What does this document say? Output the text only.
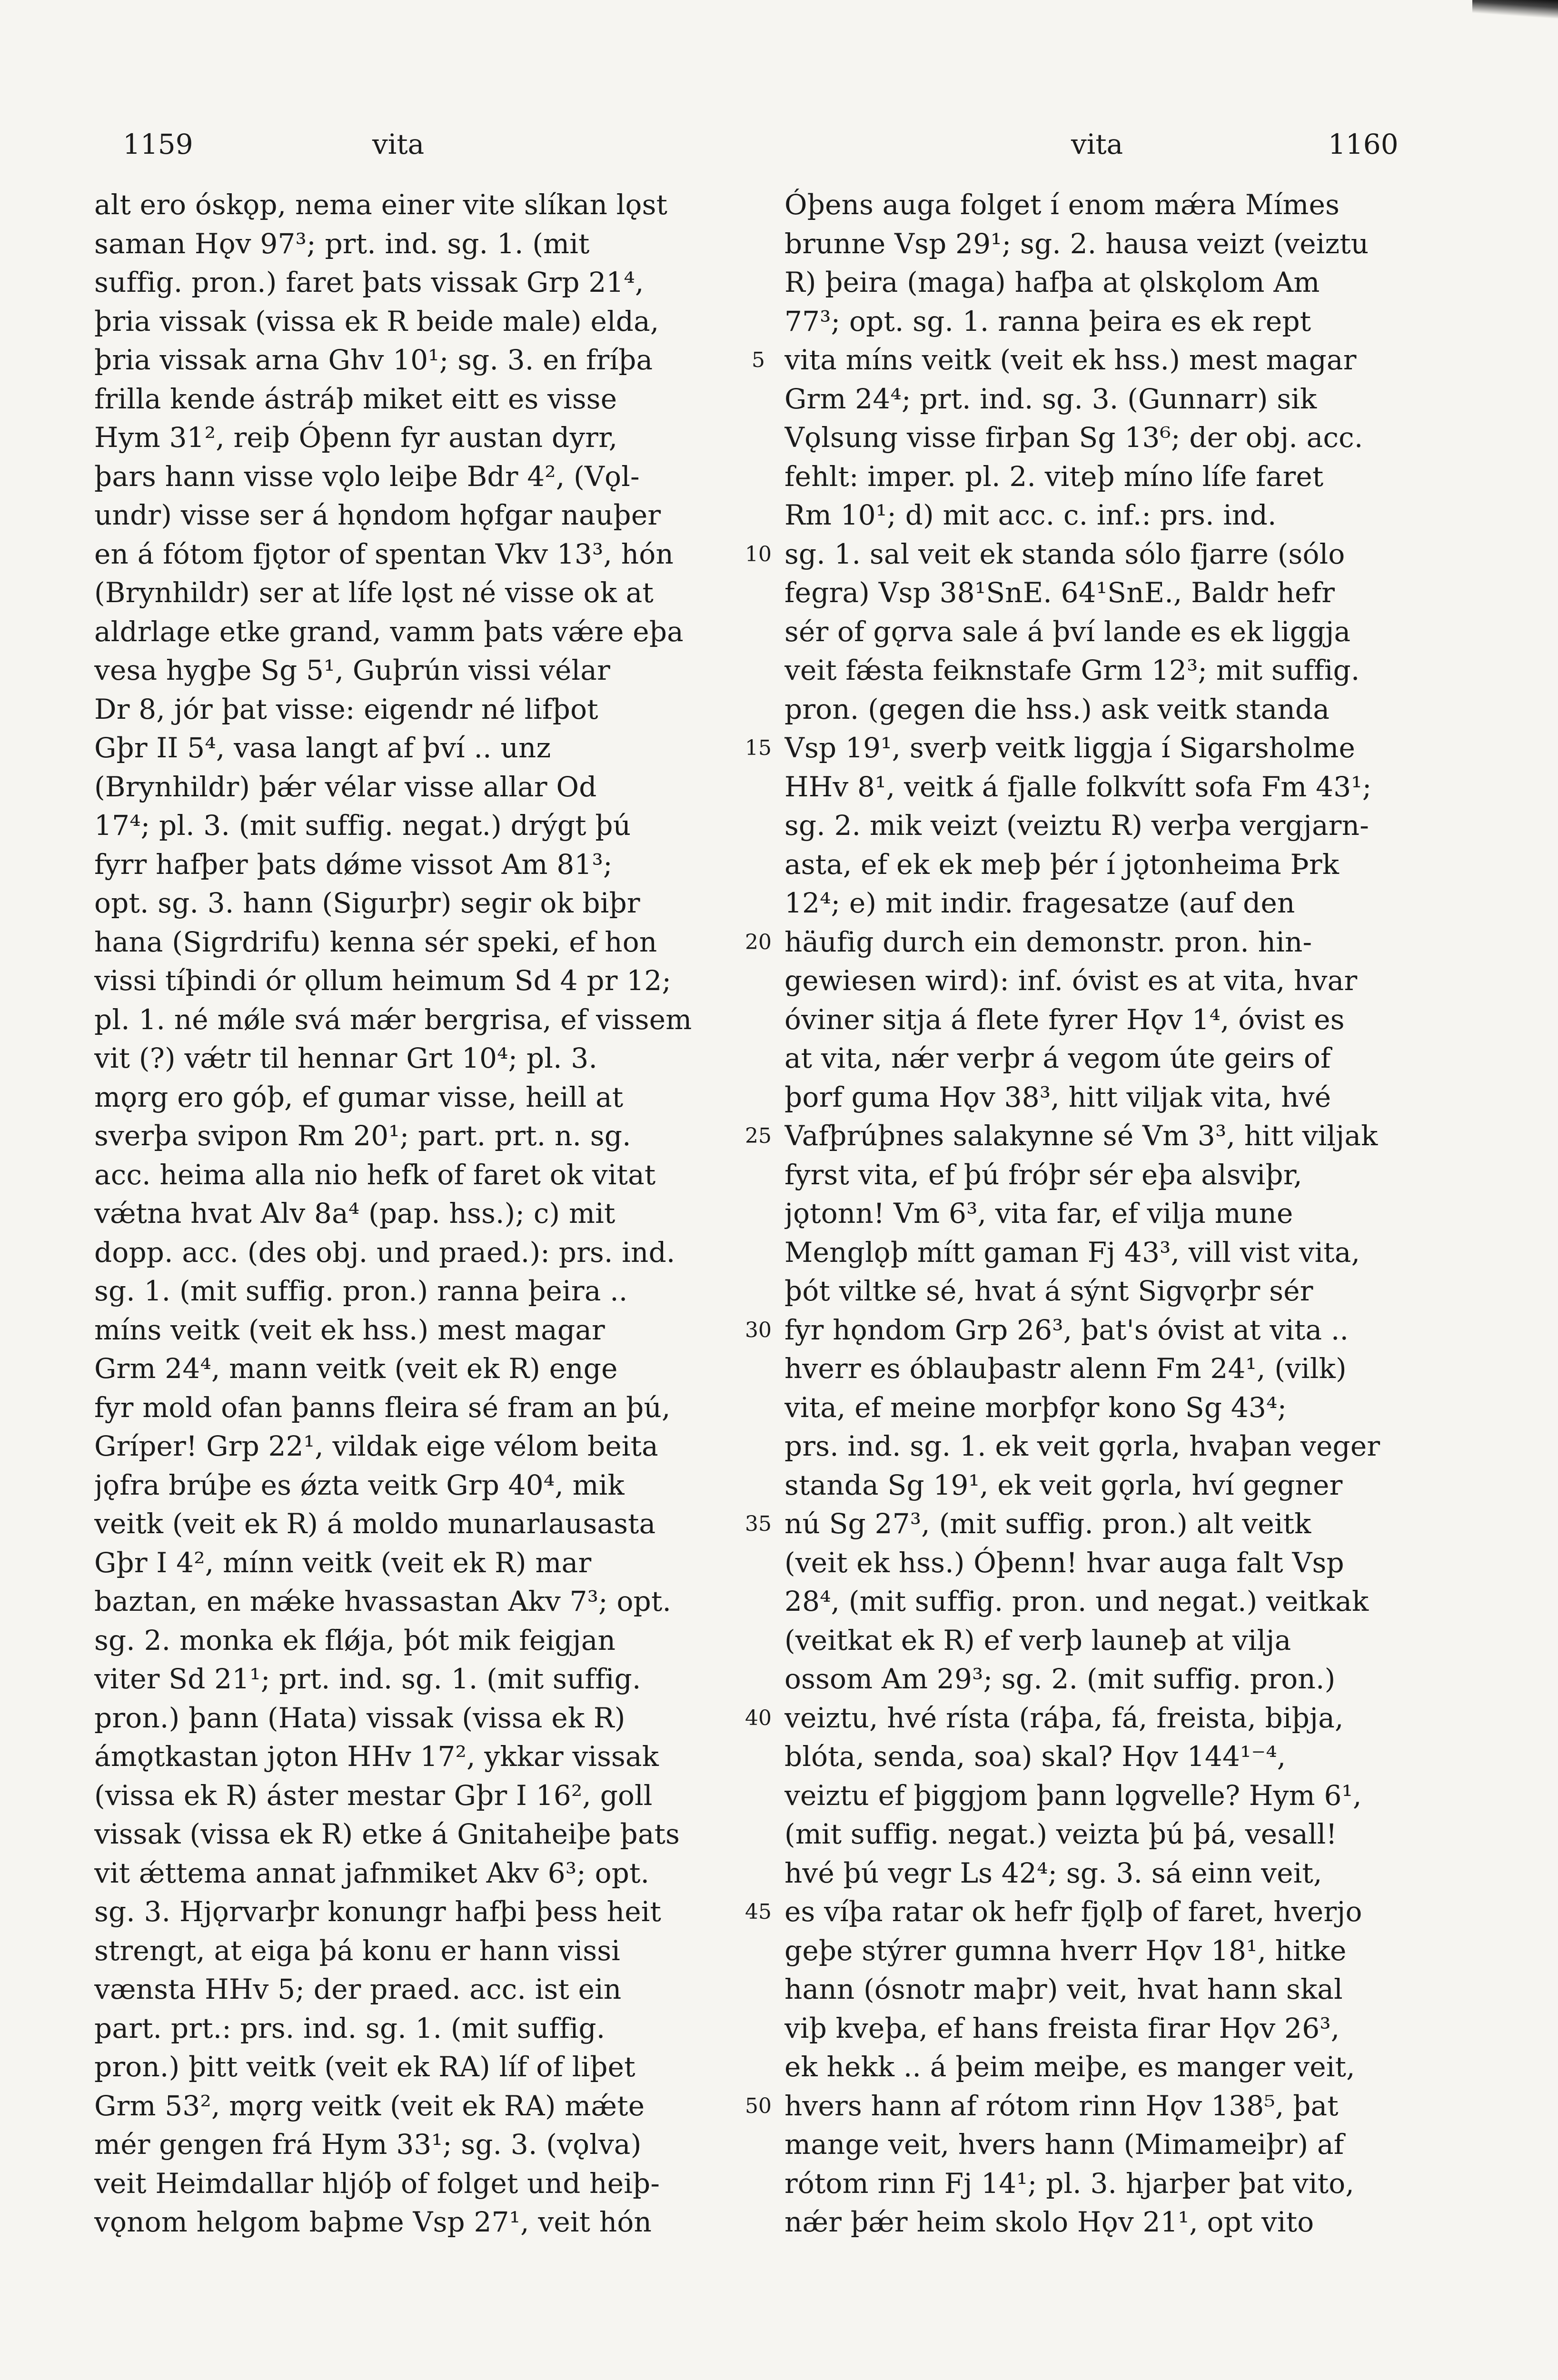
1159	vita	vita	1160
alt ero óskǫp, nema einer vite slíkan lǫst
saman Hǫv 97³; prt. ind. sg. 1. (mit
suffig. pron.) faret þats vissak Grp 21⁴,
þria vissak (vissa ek R beide male) elda,
þria vissak arna Ghv 10¹; sg. 3. en fríþa
frilla kende ástráþ miket eitt es visse
Hym 31², reiþ Óþenn fyr austan dyrr,
þars hann visse vǫlo leiþe Bdr 4², (Vǫl-
undr) visse ser á hǫndom hǫfgar nauþer
en á fótom fjǫtor of spentan Vkv 13³, hón
(Brynhildr) ser at lífe lǫst né visse ok at
aldrlage etke grand, vamm þats vǽre eþa
vesa hygþe Sg 5¹, Guþrún vissi vélar
Dr 8, jór þat visse: eigendr né lifþot
Gþr II 5⁴, vasa langt af því .. unz
(Brynhildr) þǽr vélar visse allar Od
17⁴; pl. 3. (mit suffig. negat.) drýgt þú
fyrr hafþer þats dǿme vissot Am 81³;
opt. sg. 3. hann (Sigurþr) segir ok biþr
hana (Sigrdrifu) kenna sér speki, ef hon
vissi tíþindi ór ǫllum heimum Sd 4 pr 12;
pl. 1. né mǿle svá mǽr bergrisa, ef vissem
vit (?) vǽtr til hennar Grt 10⁴; pl. 3.
mǫrg ero góþ, ef gumar visse, heill at
sverþa svipon Rm 20¹; part. prt. n. sg.
acc. heima alla nio hefk of faret ok vitat
vǽtna hvat Alv 8a⁴ (pap. hss.); c) mit
dopp. acc. (des obj. und praed.): prs. ind.
sg. 1. (mit suffig. pron.) ranna þeira ..
míns veitk (veit ek hss.) mest magar
Grm 24⁴, mann veitk (veit ek R) enge
fyr mold ofan þanns fleira sé fram an þú,
Gríper! Grp 22¹, vildak eige vélom beita
jǫfra brúþe es ǿzta veitk Grp 40⁴, mik
veitk (veit ek R) á moldo munarlausasta
Gþr I 4², mínn veitk (veit ek R) mar
baztan, en mǽke hvassastan Akv 7³; opt.
sg. 2. monka ek flǿja, þót mik feigjan
viter Sd 21¹; prt. ind. sg. 1. (mit suffig.
pron.) þann (Hata) vissak (vissa ek R)
ámǫtkastan jǫton HHv 17², ykkar vissak
(vissa ek R) áster mestar Gþr I 16², goll
vissak (vissa ek R) etke á Gnitaheiþe þats
vit ǽttema annat jafnmiket Akv 6³; opt.
sg. 3. Hjǫrvarþr konungr hafþi þess heit
strengt, at eiga þá konu er hann vissi
vænsta HHv 5; der praed. acc. ist ein
part. prt.: prs. ind. sg. 1. (mit suffig.
pron.) þitt veitk (veit ek RA) líf of liþet
Grm 53², mǫrg veitk (veit ek RA) mǽte
mér gengen frá Hym 33¹; sg. 3. (vǫlva)
veit Heimdallar hljóþ of folget und heiþ-
vǫnom helgom baþme Vsp 27¹, veit hón
5
10
15
20
25
30
35
40
45
50
Óþens auga folget í enom mǽra Mímes
brunne Vsp 29¹; sg. 2. hausa veizt (veiztu
R) þeira (maga) hafþa at ǫlskǫlom Am
77³; opt. sg. 1. ranna þeira es ek rept
vita míns veitk (veit ek hss.) mest magar
Grm 24⁴; prt. ind. sg. 3. (Gunnarr) sik
Vǫlsung visse firþan Sg 13⁶; der obj. acc.
fehlt: imper. pl. 2. viteþ míno lífe faret
Rm 10¹; d) mit acc. c. inf.: prs. ind.
sg. 1. sal veit ek standa sólo fjarre (sólo
fegra) Vsp 38¹SnE. 64¹SnE., Baldr hefr
sér of gǫrva sale á því lande es ek liggja
veit fǽsta feiknstafe Grm 12³; mit suffig.
pron. (gegen die hss.) ask veitk standa
Vsp 19¹, sverþ veitk liggja í Sigarsholme
HHv 8¹, veitk á fjalle folkvítt sofa Fm 43¹;
sg. 2. mik veizt (veiztu R) verþa vergjarn-
asta, ef ek ek meþ þér í jǫtonheima Þrk
12⁴; e) mit indir. fragesatze (auf den
häufig durch ein demonstr. pron. hin-
gewiesen wird): inf. óvist es at vita, hvar
óviner sitja á flete fyrer Hǫv 1⁴, óvist es
at vita, nǽr verþr á vegom úte geirs of
þorf guma Hǫv 38³, hitt viljak vita, hvé
Vafþrúþnes salakynne sé Vm 3³, hitt viljak
fyrst vita, ef þú fróþr sér eþa alsviþr,
jǫtonn! Vm 6³, vita far, ef vilja mune
Menglǫþ mítt gaman Fj 43³, vill vist vita,
þót viltke sé, hvat á sýnt Sigvǫrþr sér
fyr hǫndom Grp 26³, þat's óvist at vita ..
hverr es óblauþastr alenn Fm 24¹, (vilk)
vita, ef meine morþfǫr kono Sg 43⁴;
prs. ind. sg. 1. ek veit gǫrla, hvaþan veger
standa Sg 19¹, ek veit gǫrla, hví gegner
nú Sg 27³, (mit suffig. pron.) alt veitk
(veit ek hss.) Óþenn! hvar auga falt Vsp
28⁴, (mit suffig. pron. und negat.) veitkak
(veitkat ek R) ef verþ launeþ at vilja
ossom Am 29³; sg. 2. (mit suffig. pron.)
veiztu, hvé rísta (ráþa, fá, freista, biþja,
blóta, senda, soa) skal? Hǫv 144¹⁻⁴,
veiztu ef þiggjom þann lǫgvelle? Hym 6¹,
(mit suffig. negat.) veizta þú þá, vesall!
hvé þú vegr Ls 42⁴; sg. 3. sá einn veit,
es víþa ratar ok hefr fjǫlþ of faret, hverjo
geþe stýrer gumna hverr Hǫv 18¹, hitke
hann (ósnotr maþr) veit, hvat hann skal
viþ kveþa, ef hans freista firar Hǫv 26³,
ek hekk .. á þeim meiþe, es manger veit,
hvers hann af rótom rinn Hǫv 138⁵, þat
mange veit, hvers hann (Mimameiþr) af
rótom rinn Fj 14¹; pl. 3. hjarþer þat vito,
nǽr þǽr heim skolo Hǫv 21¹, opt vito
